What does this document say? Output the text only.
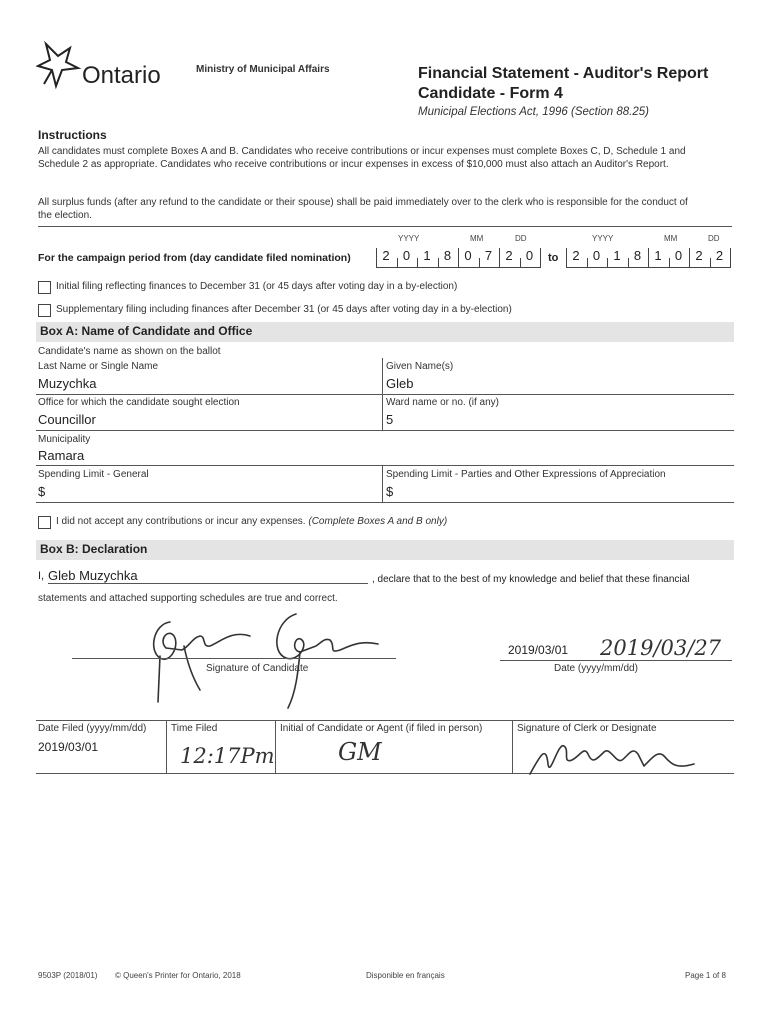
Ontario	Ministry of Municipal Affairs	Financial Statement - Auditor's Report
Candidate - Form 4
Municipal Elections Act, 1996 (Section 88.25)
Instructions
All candidates must complete Boxes A and B. Candidates who receive contributions or incur expenses must complete Boxes C, D, Schedule 1 and Schedule 2 as appropriate. Candidates who receive contributions or incur expenses in excess of $10,000 must also attach an Auditor's Report.
All surplus funds (after any refund to the candidate or their spouse) shall be paid immediately over to the clerk who is responsible for the conduct of the election.
YYYY	MM	DD	YYYY	MM	DD
For the campaign period from (day candidate filed nomination)	2	0	1	8	0	7	2	0	to	2	0	1	8	1	0	2	2
Initial filing reflecting finances to December 31 (or 45 days after voting day in a by-election)
Supplementary filing including finances after December 31 (or 45 days after voting day in a by-election)
Box A: Name of Candidate and Office
Candidate's name as shown on the ballot
Last Name or Single Name
Muzychka
Given Name(s)
Gleb
Office for which the candidate sought election
Councillor
Ward name or no. (if any)
5
Municipality
Ramara
Spending Limit - General
$
Spending Limit - Parties and Other Expressions of Appreciation
$
I did not accept any contributions or incur any expenses. (Complete Boxes A and B only)
Box B: Declaration
I, Gleb Muzychka	, declare that to the best of my knowledge and belief that these financial
statements and attached supporting schedules are true and correct.
Signature of Candidate
2019/03/01 2019/03/27
Date (yyyy/mm/dd)
Date Filed (yyyy/mm/dd)
2019/03/01
Time Filed
12:17Pm
Initial of Candidate or Agent (if filed in person)
GM
Signature of Clerk or Designate
9503P (2018/01) © Queen's Printer for Ontario, 2018	Disponible en français	Page 1 of 8
